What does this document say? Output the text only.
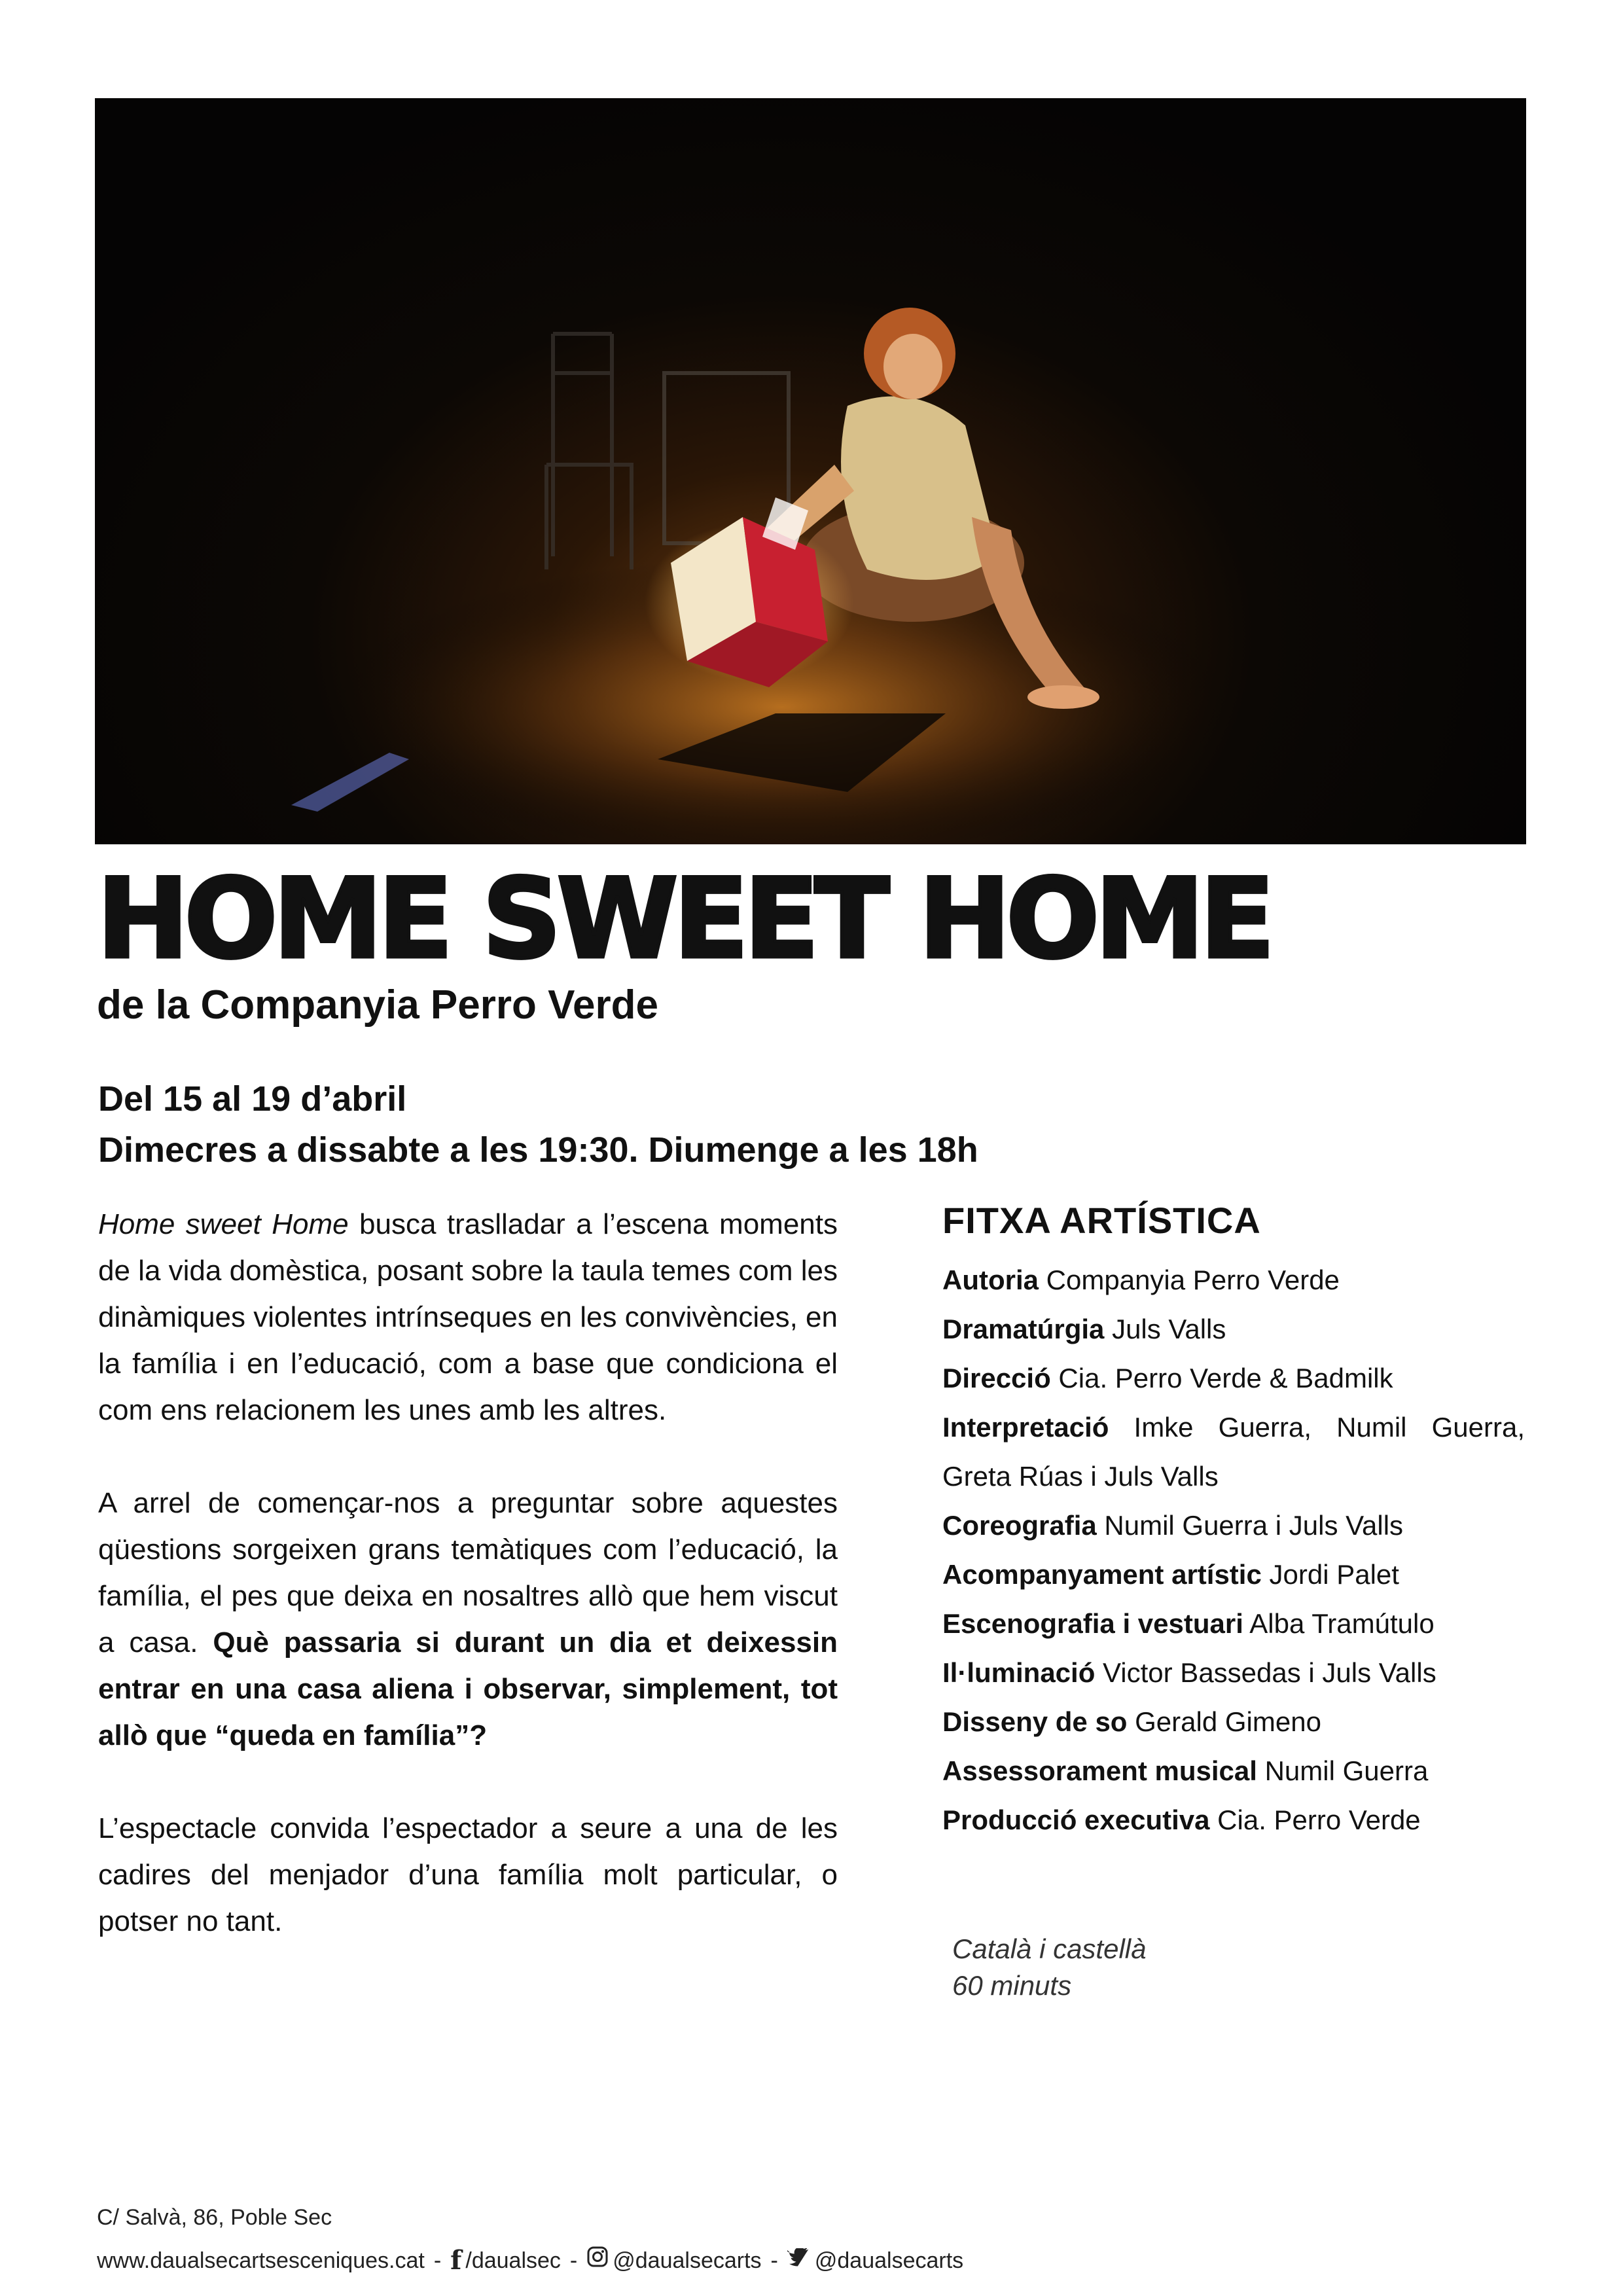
HOME SWEET HOME
de la Companyia Perro Verde
Del 15 al 19 d’abril
Dimecres a dissabte a les 19:30. Diumenge a les 18h

Home sweet Home busca traslladar a l’escena moments de la vida domèstica, posant sobre la taula temes com les dinàmiques violentes intrínseques en les convivències, en la família i en l’educació, com a base que condiciona el com ens relacionem les unes amb les altres.

A arrel de començar-nos a preguntar sobre aquestes qüestions sorgeixen grans temàtiques com l’educació, la família, el pes que deixa en nosaltres allò que hem viscut a casa. Què passaria si durant un dia et deixessin entrar en una casa aliena i observar, simplement, tot allò que “queda en família”?

L’espectacle convida l’espectador a seure a una de les cadires del menjador d’una família molt particular, o potser no tant.

FITXA ARTÍSTICA
Autoria Companyia Perro Verde
Dramatúrgia Juls Valls
Direcció Cia. Perro Verde & Badmilk
Interpretació Imke Guerra, Numil Guerra, Greta Rúas i Juls Valls
Coreografia Numil Guerra i Juls Valls
Acompanyament artístic Jordi Palet
Escenografia i vestuari Alba Tramútulo
Il·luminació Victor Bassedas i Juls Valls
Disseny de so Gerald Gimeno
Assessorament musical Numil Guerra
Producció executiva Cia. Perro Verde
Català i castellà
60 minuts
C/ Salvà, 86, Poble Sec
www.daualsecartsesceniques.cat - f /daualsec - @daualsecarts - @daualsecarts
